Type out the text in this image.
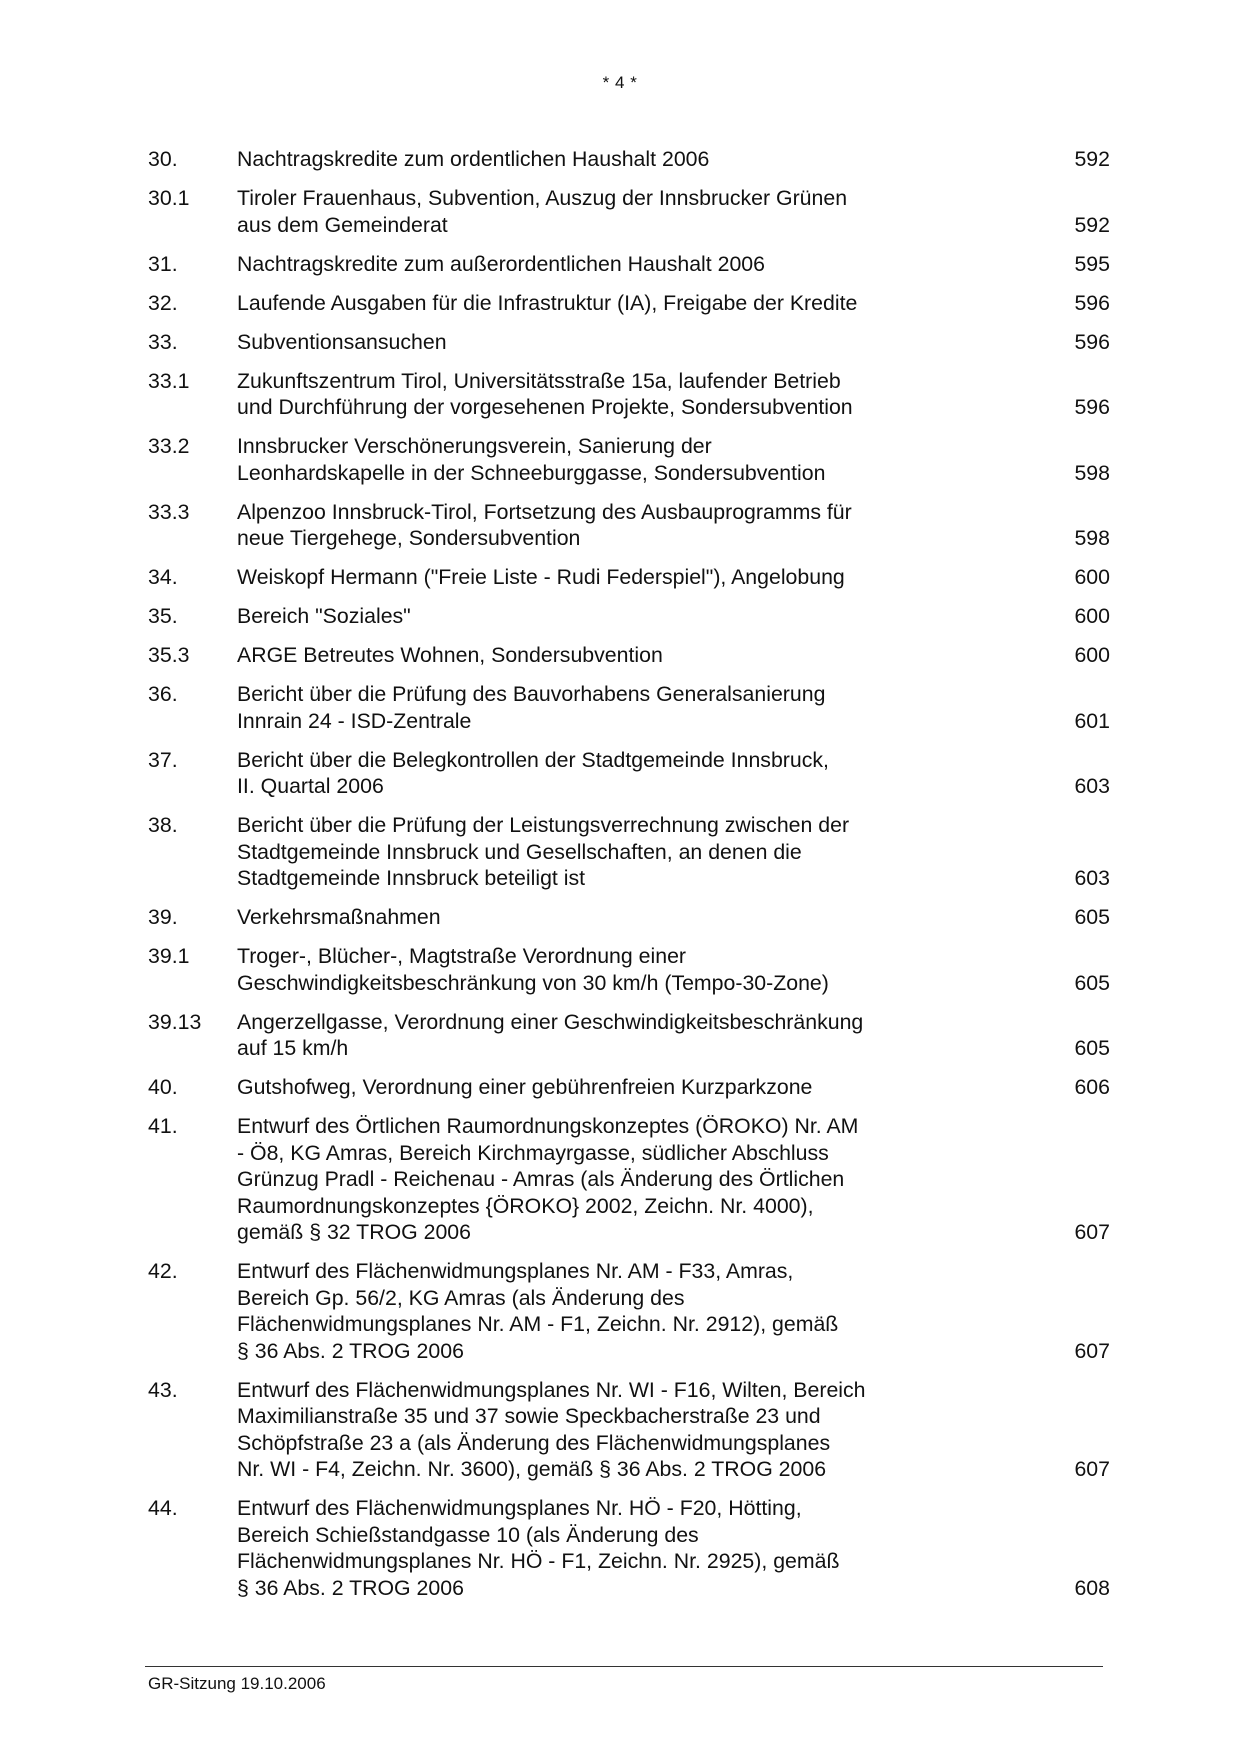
* 4 *
30.	Nachtragskredite zum ordentlichen Haushalt 2006	592
30.1	Tiroler Frauenhaus, Subvention, Auszug der Innsbrucker Grünen
aus dem Gemeinderat	592
31.	Nachtragskredite zum außerordentlichen Haushalt 2006	595
32.	Laufende Ausgaben für die Infrastruktur (IA), Freigabe der Kredite	596
33.	Subventionsansuchen	596
33.1	Zukunftszentrum Tirol, Universitätsstraße 15a, laufender Betrieb
und Durchführung der vorgesehenen Projekte, Sondersubvention	596
33.2	Innsbrucker Verschönerungsverein, Sanierung der
Leonhardskapelle in der Schneeburggasse, Sondersubvention	598
33.3	Alpenzoo Innsbruck-Tirol, Fortsetzung des Ausbauprogramms für
neue Tiergehege, Sondersubvention	598
34.	Weiskopf Hermann ("Freie Liste - Rudi Federspiel"), Angelobung	600
35.	Bereich "Soziales"	600
35.3	ARGE Betreutes Wohnen, Sondersubvention	600
36.	Bericht über die Prüfung des Bauvorhabens Generalsanierung
Innrain 24 - ISD-Zentrale	601
37.	Bericht über die Belegkontrollen der Stadtgemeinde Innsbruck,
II. Quartal 2006	603
38.	Bericht über die Prüfung der Leistungsverrechnung zwischen der
Stadtgemeinde Innsbruck und Gesellschaften, an denen die
Stadtgemeinde Innsbruck beteiligt ist	603
39.	Verkehrsmaßnahmen	605
39.1	Troger-, Blücher-, Magtstraße Verordnung einer
Geschwindigkeitsbeschränkung von 30 km/h (Tempo-30-Zone)	605
39.13	Angerzellgasse, Verordnung einer Geschwindigkeitsbeschränkung
auf 15 km/h	605
40.	Gutshofweg, Verordnung einer gebührenfreien Kurzparkzone	606
41.	Entwurf des Örtlichen Raumordnungskonzeptes (ÖROKO) Nr. AM
- Ö8, KG Amras, Bereich Kirchmayrgasse, südlicher Abschluss
Grünzug Pradl - Reichenau - Amras (als Änderung des Örtlichen
Raumordnungskonzeptes {ÖROKO} 2002, Zeichn. Nr. 4000),
gemäß § 32 TROG 2006	607
42.	Entwurf des Flächenwidmungsplanes Nr. AM - F33, Amras,
Bereich Gp. 56/2, KG Amras (als Änderung des
Flächenwidmungsplanes Nr. AM - F1, Zeichn. Nr. 2912), gemäß
§ 36 Abs. 2 TROG 2006	607
43.	Entwurf des Flächenwidmungsplanes Nr. WI - F16, Wilten, Bereich
Maximilianstraße 35 und 37 sowie Speckbacherstraße 23 und
Schöpfstraße 23 a (als Änderung des Flächenwidmungsplanes
Nr. WI - F4, Zeichn. Nr. 3600), gemäß § 36 Abs. 2 TROG 2006	607
44.	Entwurf des Flächenwidmungsplanes Nr. HÖ - F20, Hötting,
Bereich Schießstandgasse 10 (als Änderung des
Flächenwidmungsplanes Nr. HÖ - F1, Zeichn. Nr. 2925), gemäß
§ 36 Abs. 2 TROG 2006	608
GR-Sitzung 19.10.2006
